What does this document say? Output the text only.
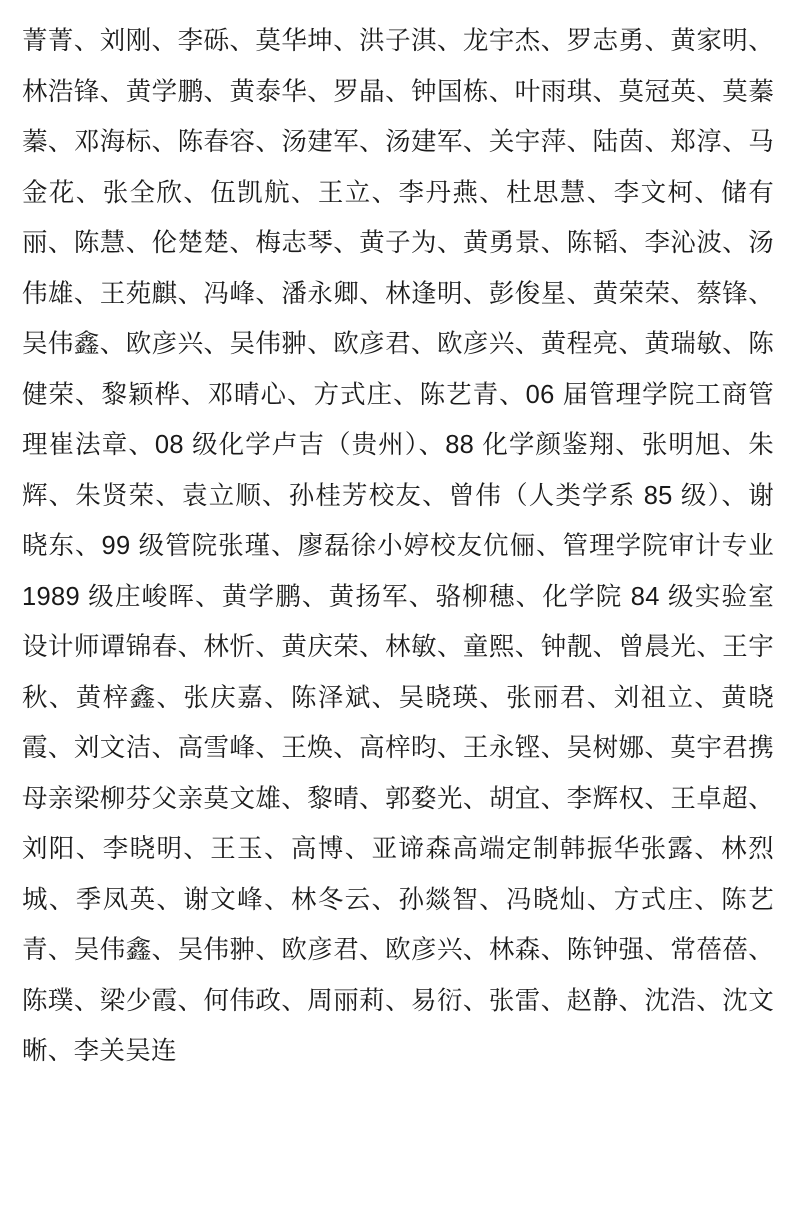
菁菁、刘刚、李砾、莫华坤、洪子淇、龙宇杰、罗志勇、黄家明、林浩锋、黄学鹏、黄泰华、罗晶、钟国栋、叶雨琪、莫冠英、莫蓁蓁、邓海标、陈春容、汤建军、汤建军、关宇萍、陆茵、郑淳、马金花、张全欣、伍凯航、王立、李丹燕、杜思慧、李文柯、储有丽、陈慧、伦楚楚、梅志琴、黄子为、黄勇景、陈韬、李沁波、汤伟雄、王苑麒、冯峰、潘永卿、林逢明、彭俊星、黄荣荣、蔡锋、吴伟鑫、欧彦兴、吴伟翀、欧彦君、欧彦兴、黄程亮、黄瑞敏、陈健荣、黎颖桦、邓晴心、方式庄、陈艺青、06 届管理学院工商管理崔法章、08 级化学卢吉（贵州）、88 化学颜鉴翔、张明旭、朱辉、朱贤荣、袁立顺、孙桂芳校友、曾伟（人类学系 85 级）、谢晓东、99 级管院张瑾、廖磊徐小婷校友伉俪、管理学院审计专业 1989 级庄峻晖、黄学鹏、黄扬军、骆柳穗、化学院 84 级实验室设计师谭锦春、林忻、黄庆荣、林敏、童熙、钟靓、曾晨光、王宇秋、黄梓鑫、张庆嘉、陈泽斌、吴晓瑛、张丽君、刘祖立、黄晓霞、刘文洁、高雪峰、王焕、高梓昀、王永铿、吴树娜、莫宇君携母亲梁柳芬父亲莫文雄、黎晴、郭婺光、胡宜、李辉权、王卓超、刘阳、李晓明、王玉、高博、亚谛森高端定制韩振华张露、林烈城、季凤英、谢文峰、林冬云、孙燚智、冯晓灿、方式庄、陈艺青、吴伟鑫、吴伟翀、欧彦君、欧彦兴、林森、陈钟强、常蓓蓓、陈璞、梁少霞、何伟政、周丽莉、易衍、张雷、赵静、沈浩、沈文晰、李关吴连
